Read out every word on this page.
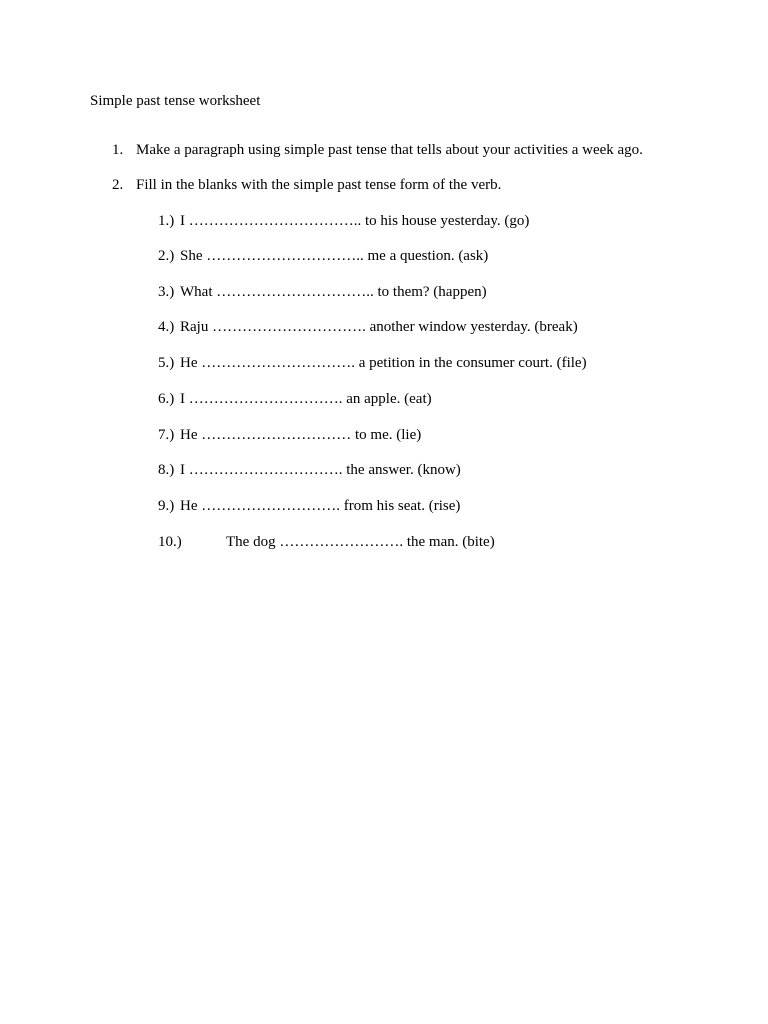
Simple past tense worksheet
1. Make a paragraph using simple past tense that tells about your activities a week ago.
2. Fill in the blanks with the simple past tense form of the verb.
1.) I …………………………….. to his house yesterday. (go)
2.) She ………………………….. me a question. (ask)
3.) What ………………………….. to them? (happen)
4.) Raju …………………………. another window yesterday. (break)
5.) He …………………………. a petition in the consumer court. (file)
6.) I …………………………. an apple. (eat)
7.) He ………………………… to me. (lie)
8.) I …………………………. the answer. (know)
9.) He ………………………. from his seat. (rise)
10.)	The dog ……………………. the man. (bite)
